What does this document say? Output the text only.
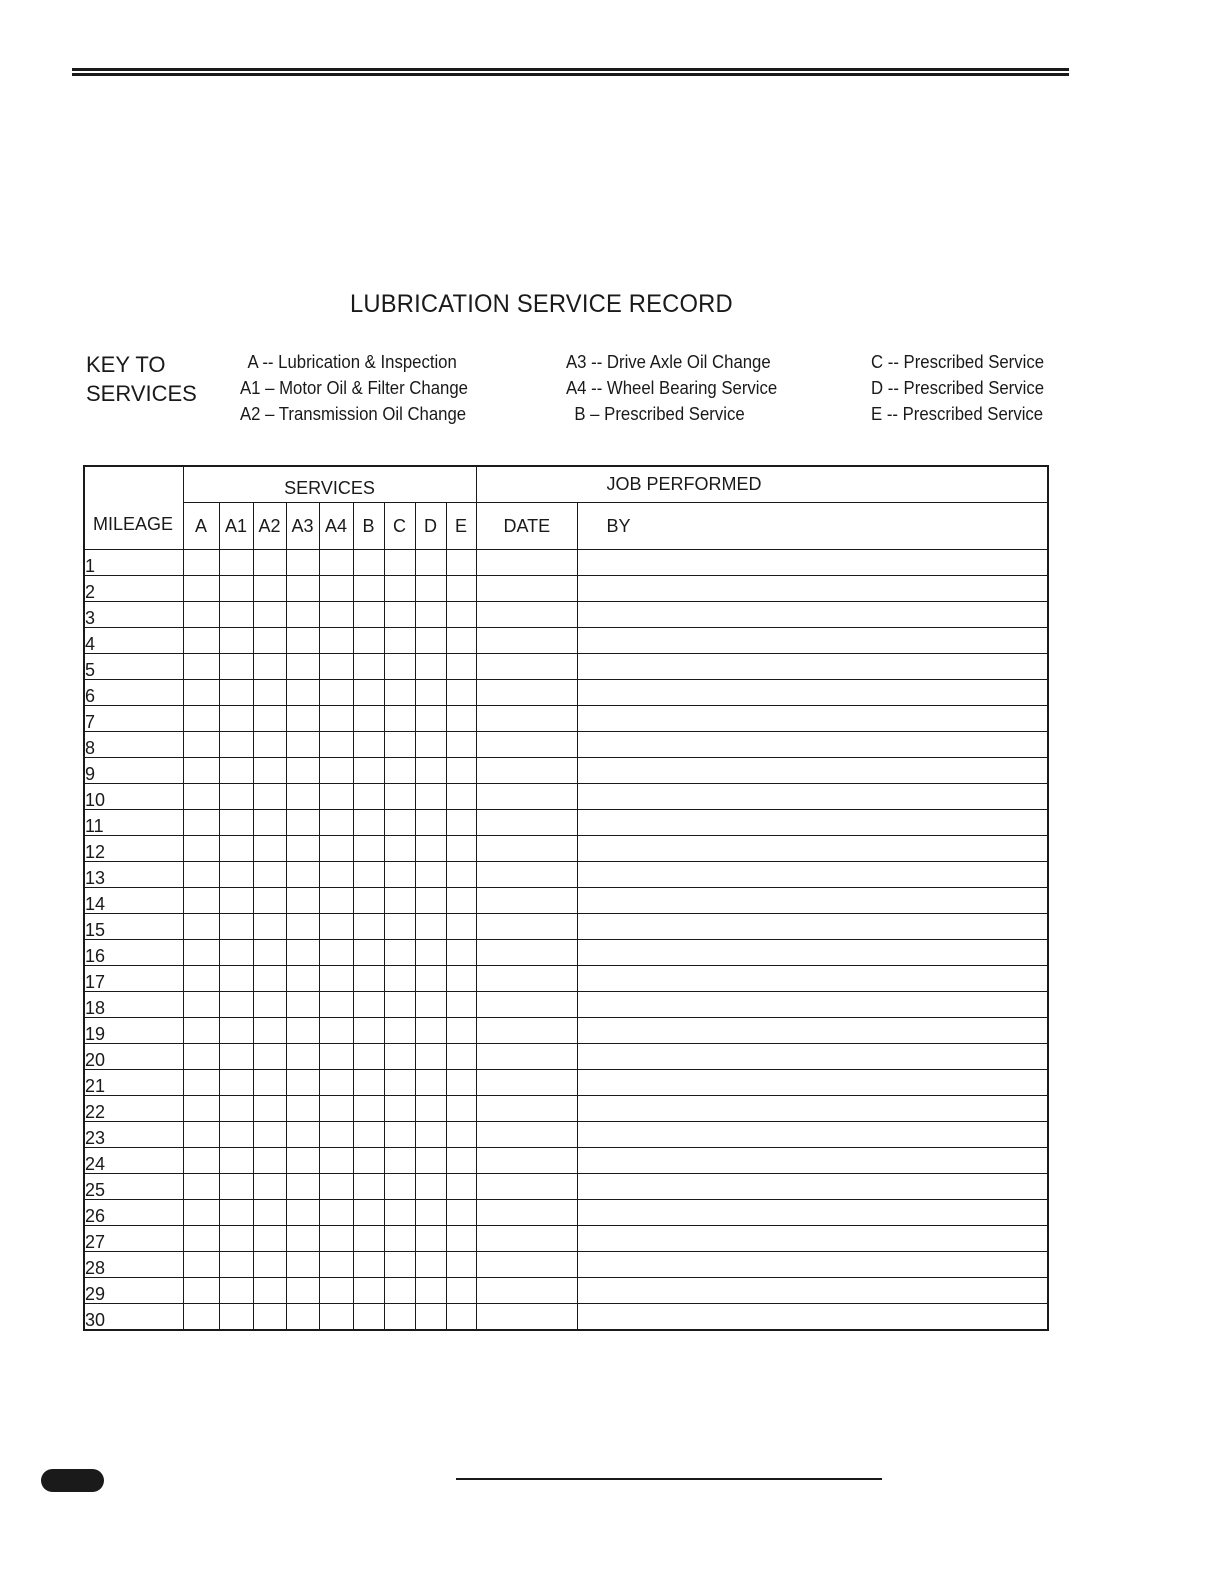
LUBRICATION SERVICE RECORD
KEY TO
SERVICES
A -- Lubrication & Inspection
A1 – Motor Oil & Filter Change
A2 – Transmission Oil Change
A3 -- Drive Axle Oil Change
A4 -- Wheel Bearing Service
B – Prescribed Service
C -- Prescribed Service
D -- Prescribed Service
E -- Prescribed Service
MILEAGE	SERVICES									JOB PERFORMED	
	A	A1	A2	A3	A4	B	C	D	E	DATE	BY

1											

2											

3											

4											

5											

6											

7											

8											

9											

10											

11											

12											

13											

14											

15											

16											

17											

18											

19											

20											

21											

22											

23											

24											

25											

26											

27											

28											

29											

30											
